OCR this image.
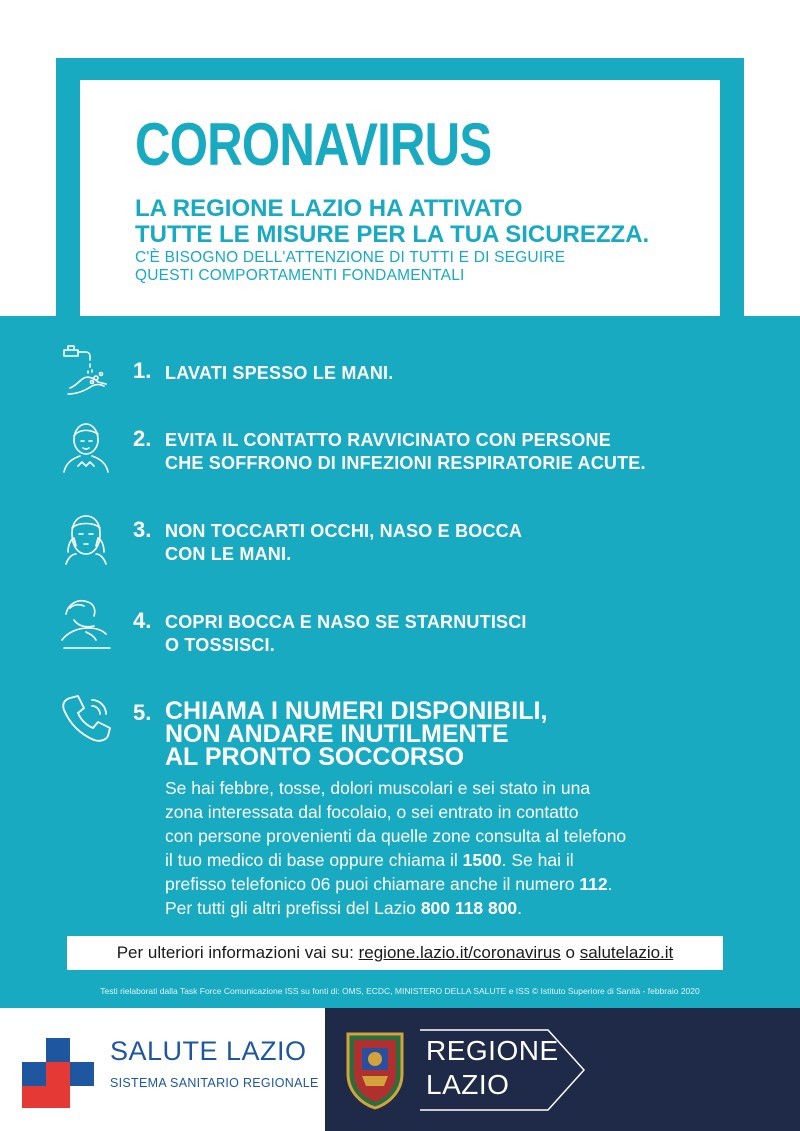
CORONAVIRUS
LA REGIONE LAZIO HA ATTIVATO
TUTTE LE MISURE PER LA TUA SICUREZZA.
C'È BISOGNO DELL'ATTENZIONE DI TUTTI E DI SEGUIRE
QUESTI COMPORTAMENTI FONDAMENTALI
1. LAVATI SPESSO LE MANI.
2. EVITA IL CONTATTO RAVVICINATO CON PERSONE
CHE SOFFRONO DI INFEZIONI RESPIRATORIE ACUTE.
3. NON TOCCARTI OCCHI, NASO E BOCCA
CON LE MANI.
4. COPRI BOCCA E NASO SE STARNUTISCI
O TOSSISCI.
5. CHIAMA I NUMERI DISPONIBILI,
NON ANDARE INUTILMENTE
AL PRONTO SOCCORSO
Se hai febbre, tosse, dolori muscolari e sei stato in una
zona interessata dal focolaio, o sei entrato in contatto
con persone provenienti da quelle zone consulta al telefono
il tuo medico di base oppure chiama il 1500. Se hai il
prefisso telefonico 06 puoi chiamare anche il numero 112.
Per tutti gli altri prefissi del Lazio 800 118 800.
Per ulteriori informazioni vai su: regione.lazio.it/coronavirus o salutelazio.it
Testi rielaborati dalla Task Force Comunicazione ISS su fonti di: OMS, ECDC, MINISTERO DELLA SALUTE e ISS © Istituto Superiore di Sanità - febbraio 2020
SALUTE LAZIO
SISTEMA SANITARIO REGIONALE
REGIONE
LAZIO
